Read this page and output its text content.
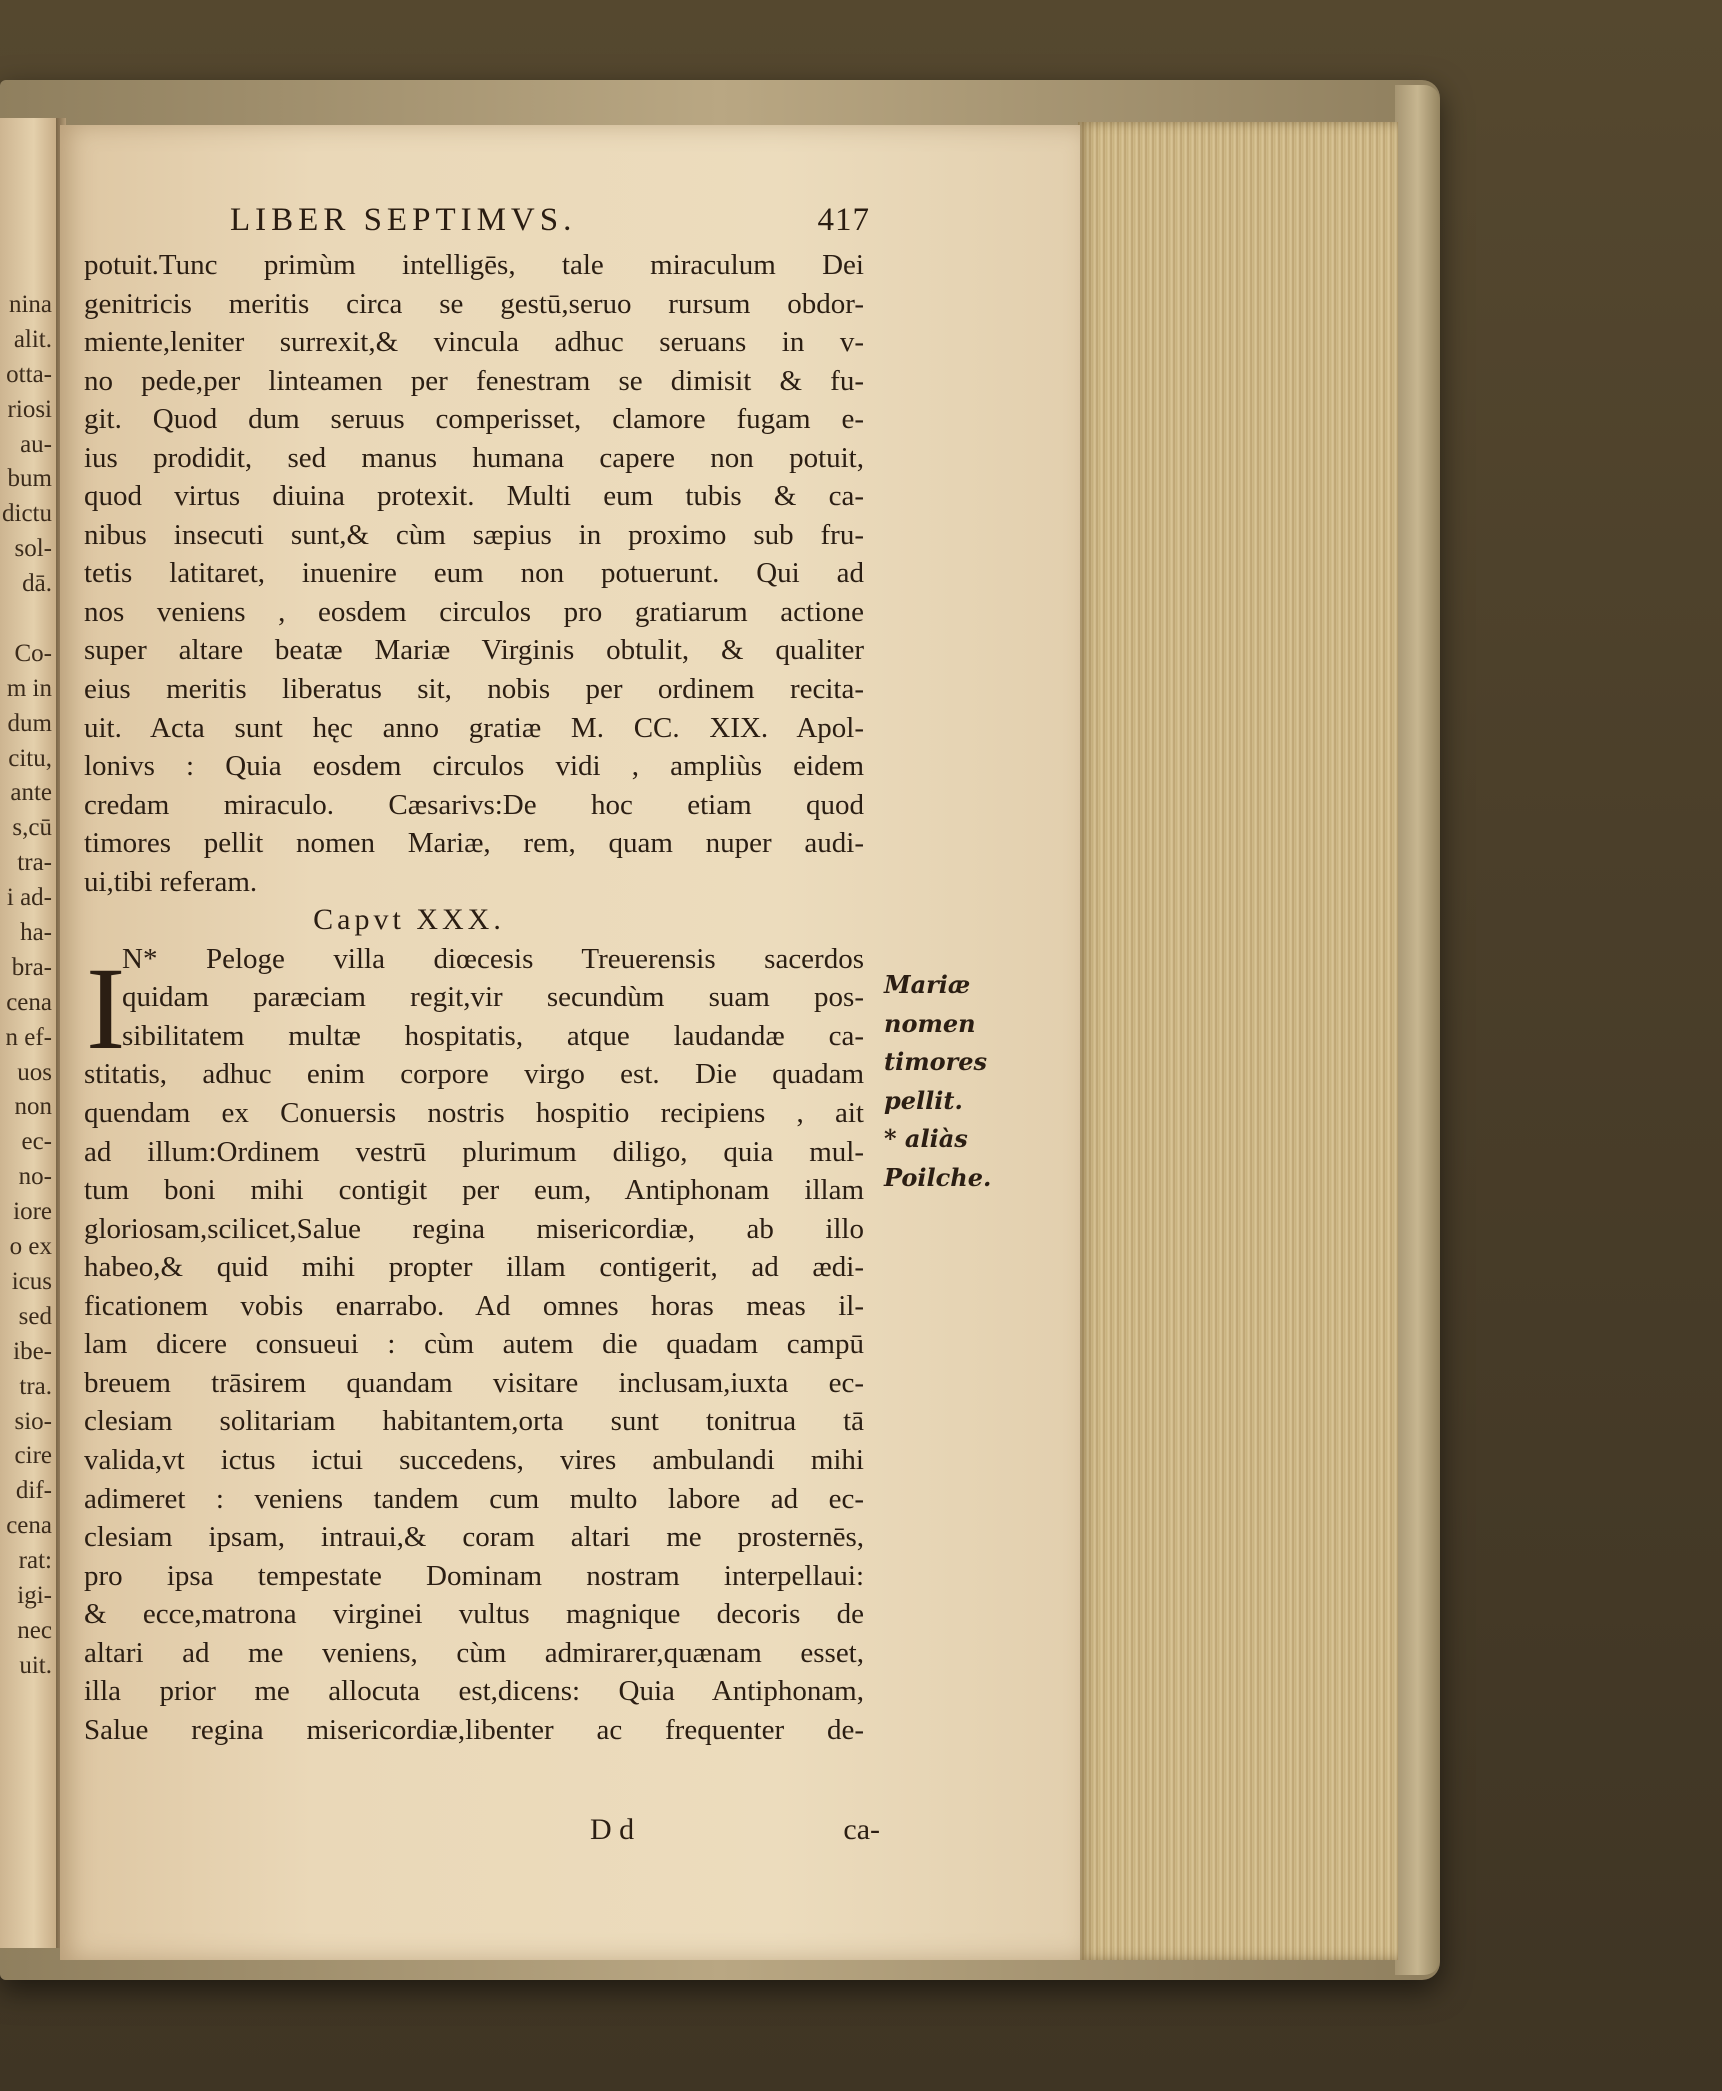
nina
alit.
otta-
riosi
au-
bum
dictu
sol-
dā.
Co-
m in
dum
citu,
ante
s,cū
tra-
i ad-
ha-
bra-
cena
n ef-
uos
non
ec-
no-
iore
o ex
icus
sed
ibe-
tra.
sio-
cire
dif-
cena
rat:
igi-
nec
uit.
LIBER SEPTIMVS.	417
potuit.Tunc primùm intelligēs, tale miraculum Dei
genitricis meritis circa se gestū,seruo rursum obdor-
miente,leniter surrexit,& vincula adhuc seruans in v-
no pede,per linteamen per fenestram se dimisit & fu-
git. Quod dum seruus comperisset, clamore fugam e-
ius prodidit, sed manus humana capere non potuit,
quod virtus diuina protexit. Multi eum tubis & ca-
nibus insecuti sunt,& cùm sæpius in proximo sub fru-
tetis latitaret, inuenire eum non potuerunt. Qui ad
nos veniens , eosdem circulos pro gratiarum actione
super altare beatæ Mariæ Virginis obtulit, & qualiter
eius meritis liberatus sit, nobis per ordinem recita-
uit. Acta sunt hęc anno gratiæ M. CC. XIX. Apol-
lonivs : Quia eosdem circulos vidi , ampliùs eidem
credam miraculo. Cæsarivs:De hoc etiam quod
timores pellit nomen Mariæ, rem, quam nuper audi-
ui,tibi referam.
Capvt XXX.
I
N* Peloge villa diœcesis Treuerensis sacerdos
quidam paræciam regit,vir secundùm suam pos-
sibilitatem multæ hospitatis, atque laudandæ ca-
stitatis, adhuc enim corpore virgo est. Die quadam
quendam ex Conuersis nostris hospitio recipiens , ait
ad illum:Ordinem vestrū plurimum diligo, quia mul-
tum boni mihi contigit per eum, Antiphonam illam
gloriosam,scilicet,Salue regina misericordiæ, ab illo
habeo,& quid mihi propter illam contigerit, ad ædi-
ficationem vobis enarrabo. Ad omnes horas meas il-
lam dicere consueui : cùm autem die quadam campū
breuem trāsirem quandam visitare inclusam,iuxta ec-
clesiam solitariam habitantem,orta sunt tonitrua tā
valida,vt ictus ictui succedens, vires ambulandi mihi
adimeret : veniens tandem cum multo labore ad ec-
clesiam ipsam, intraui,& coram altari me prosternēs,
pro ipsa tempestate Dominam nostram interpellaui:
& ecce,matrona virginei vultus magnique decoris de
altari ad me veniens, cùm admirarer,quænam esset,
illa prior me allocuta est,dicens: Quia Antiphonam,
Salue regina misericordiæ,libenter ac frequenter de-
Mariæ
nomen
timores
pellit.
* aliàs
Poilche.
D d	ca-
